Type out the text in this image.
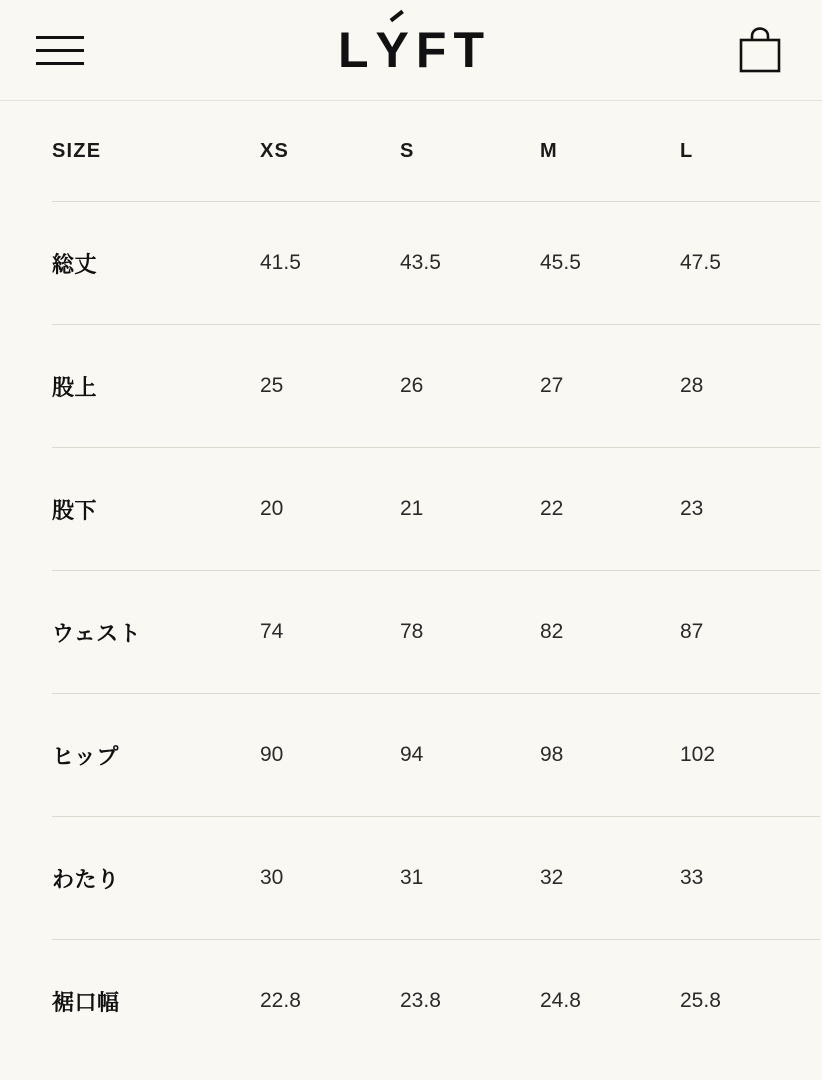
LYFT
SIZE	XS	S	M	L
総丈	41.5	43.5	45.5	47.5
股上	25	26	27	28
股下	20	21	22	23
ウェスト	74	78	82	87
ヒップ	90	94	98	102
わたり	30	31	32	33
裾口幅	22.8	23.8	24.8	25.8
